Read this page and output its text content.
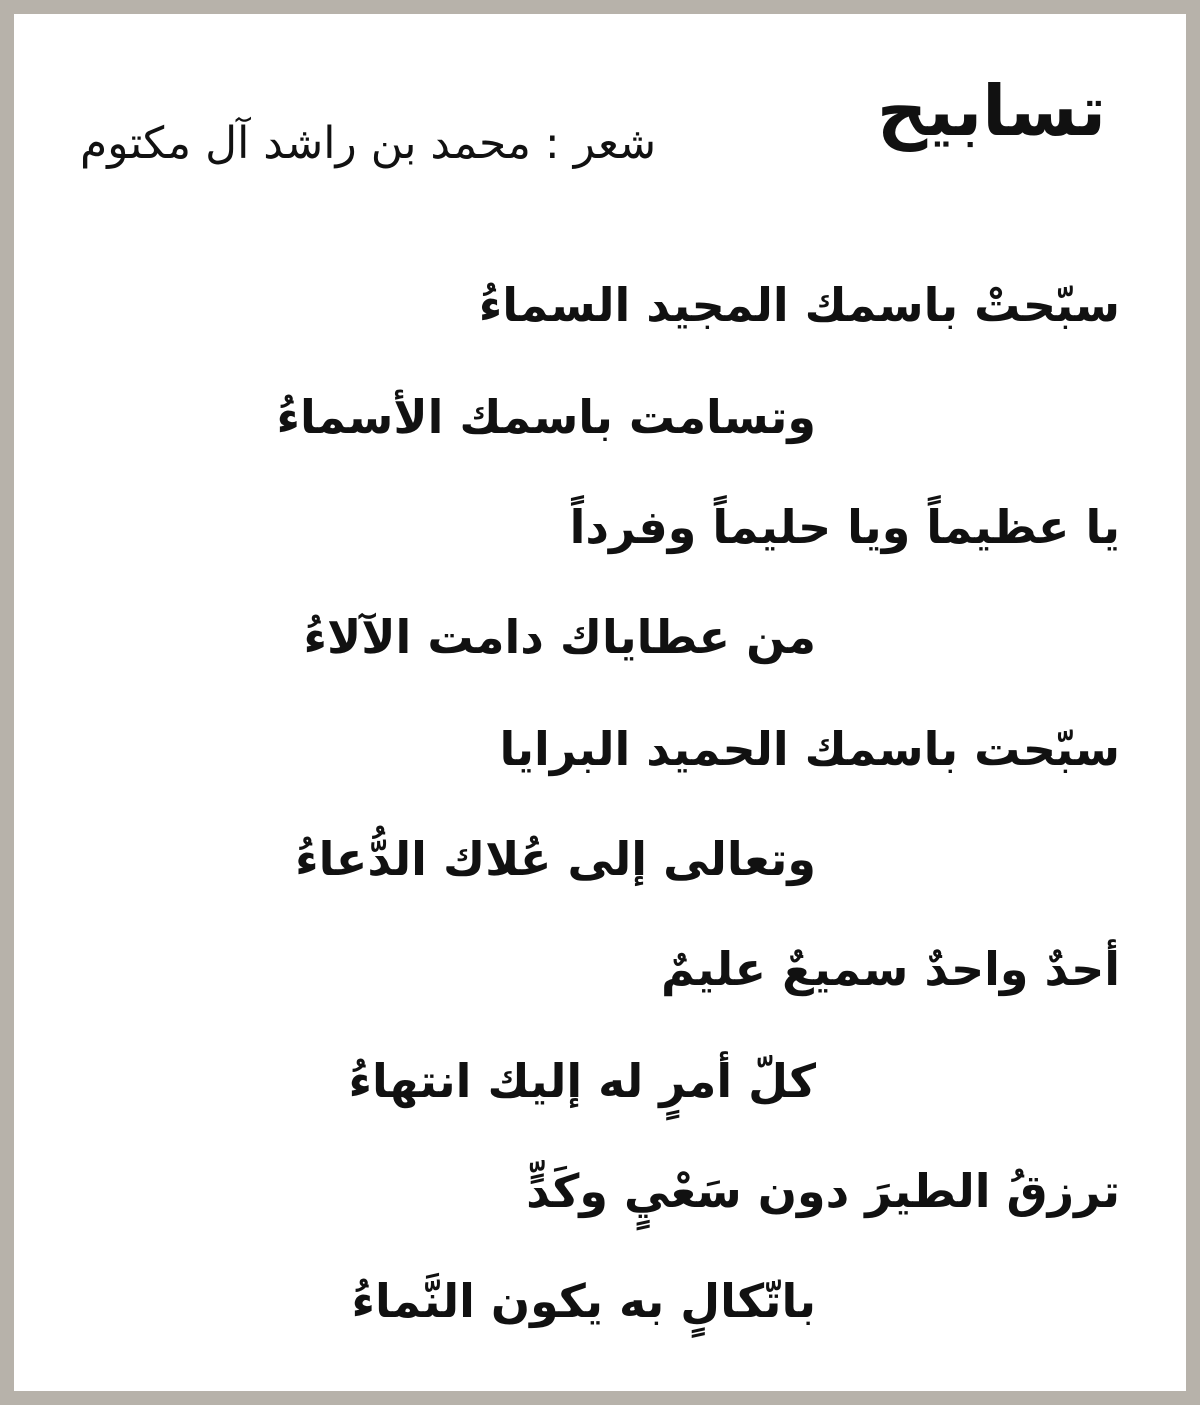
تسابيح
شعر : محمد بن راشد آل مكتوم
سبّحتْ باسمك المجيد السماءُ
وتسامت باسمك الأسماءُ
يا عظيماً ويا حليماً وفرداً
من عطاياك دامت الآلاءُ
سبّحت باسمك الحميد البرايا
وتعالى إلى عُلاك الدُّعاءُ
أحدٌ واحدٌ سميعٌ عليمٌ
كلّ أمرٍ له إليك انتهاءُ
ترزقُ الطيرَ دون سَعْيٍ وكَدٍّ
باتّكالٍ به يكون النَّماءُ
